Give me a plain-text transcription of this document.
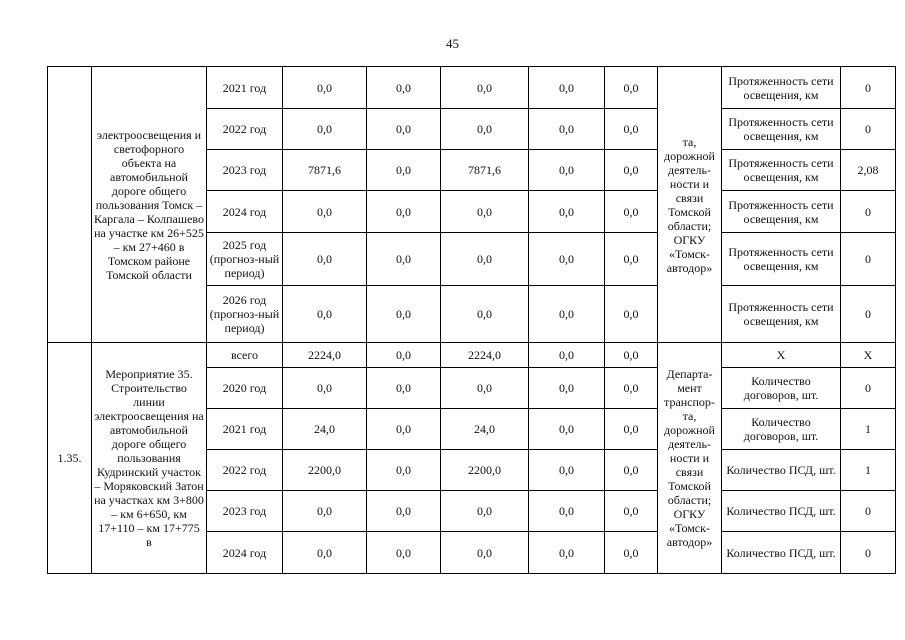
45
	электроосвещения и светофорного объекта на автомобильной дороге общего пользования Томск – Каргала – Колпашево на участке км 26+525 – км 27+460 в Томском районе Томской области	2021 год	0,0	0,0	0,0	0,0	0,0	та, дорожной деятель-ности и связи Томской области; ОГКУ «Томск-автодор»	Протяженность сети освещения, км	0
		2022 год	0,0	0,0	0,0	0,0	0,0		Протяженность сети освещения, км	0
		2023 год	7871,6	0,0	7871,6	0,0	0,0		Протяженность сети освещения, км	2,08
		2024 год	0,0	0,0	0,0	0,0	0,0		Протяженность сети освещения, км	0
		2025 год (прогноз-ный период)	0,0	0,0	0,0	0,0	0,0		Протяженность сети освещения, км	0
		2026 год (прогноз-ный период)	0,0	0,0	0,0	0,0	0,0		Протяженность сети освещения, км	0
1.35.	Мероприятие 35. Строительство линии электроосвещения на автомобильной дороге общего пользования Кудринский участок – Моряковский Затон на участках км 3+800 – км 6+650, км 17+110 – км 17+775 в	всего	2224,0	0,0	2224,0	0,0	0,0	Департа-мент транспор-та, дорожной деятель-ности и связи Томской области; ОГКУ «Томск-автодор»	Х	Х
		2020 год	0,0	0,0	0,0	0,0	0,0		Количество договоров, шт.	0
		2021 год	24,0	0,0	24,0	0,0	0,0		Количество договоров, шт.	1
		2022 год	2200,0	0,0	2200,0	0,0	0,0		Количество ПСД, шт.	1
		2023 год	0,0	0,0	0,0	0,0	0,0		Количество ПСД, шт.	0
		2024 год	0,0	0,0	0,0	0,0	0,0		Количество ПСД, шт.	0
